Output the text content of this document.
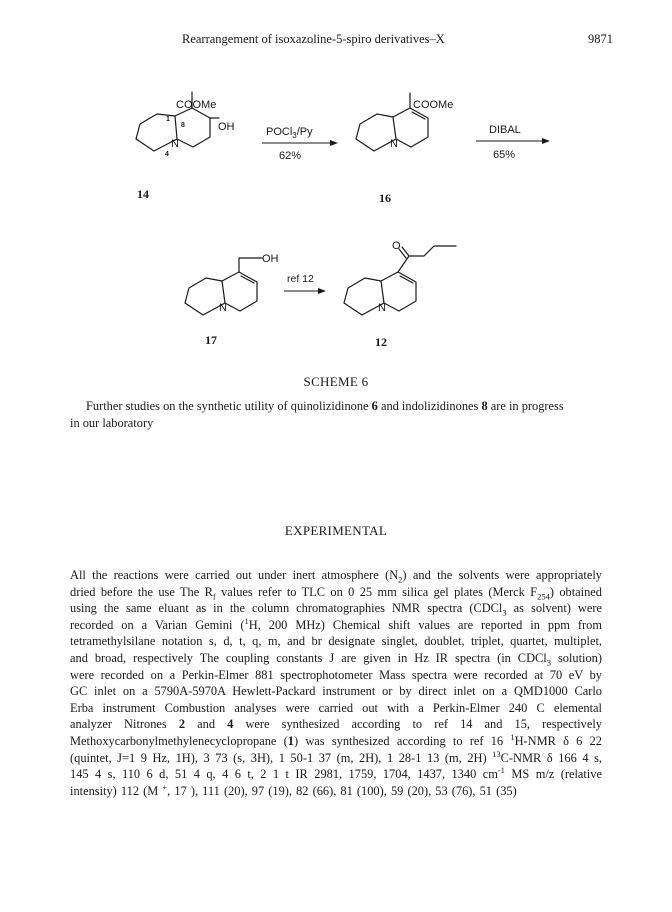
Rearrangement of isoxazoline-5-spiro derivatives–X	9871
COOMe
OH
1
8
N
4
POCl$_3$/Py
62%
COOMe
N
DIBAL
65%
OH
N
ref 12
O
N
14	16
17	12
SCHEME 6
Further studies on the synthetic utility of quinolizidinone 6 and indolizidinones 8 are in progress
in our laboratory
EXPERIMENTAL
All the reactions were carried out under inert atmosphere $(N_2)$ and the solvents were appropriately
dried before the use The $R_f$ values refer to TLC on 0 25 mm silica gel plates (Merck $F_{254}$) obtained
using the same eluant as in the column chromatographies NMR spectra (CDCl$_3$ as solvent) were
recorded on a Varian Gemini ($^1$H, 200 MHz) Chemical shift values are reported in ppm from
tetramethylsilane notation s, d, t, q, m, and br designate singlet, doublet, triplet, quartet, multiplet,
and broad, respectively The coupling constants J are given in Hz IR spectra (in CDCl$_3$ solution)
were recorded on a Perkin-Elmer 881 spectrophotometer Mass spectra were recorded at 70 eV by
GC inlet on a 5790A-5970A Hewlett-Packard instrument or by direct inlet on a QMD1000 Carlo
Erba instrument Combustion analyses were carried out with a Perkin-Elmer 240 C elemental
analyzer Nitrones 2 and 4 were synthesized according to ref 14 and 15, respectively
Methoxycarbonylmethylenecyclopropane (1) was synthesized according to ref 16 $^1$H-NMR δ 6 22
(quintet, J=1 9 Hz, 1H), 3 73 (s, 3H), 1 50-1 37 (m, 2H), 1 28-1 13 (m, 2H) $^{13}$C-NMR δ 166 4 s,
145 4 s, 110 6 d, 51 4 q, 4 6 t, 2 1 t IR 2981, 1759, 1704, 1437, 1340 $cm^{-1}$ MS m/z (relative
intensity) 112 (M +, 17 ), 111 (20), 97 (19), 82 (66), 81 (100), 59 (20), 53 (76), 51 (35)
